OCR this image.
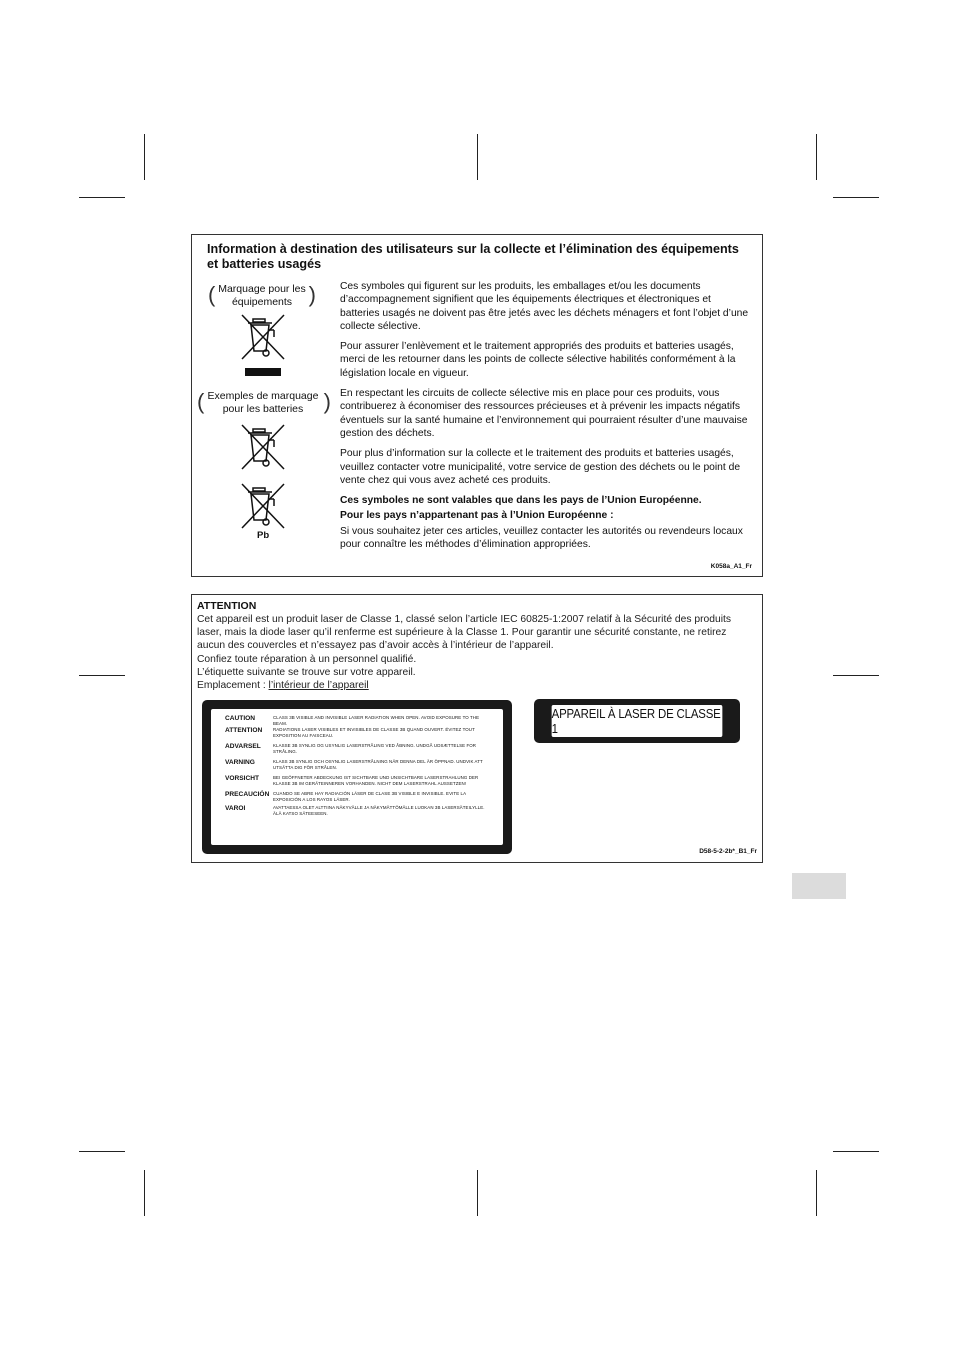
Information à destination des utilisateurs sur la collecte et l’élimination des équipements et batteries usagés
( Marquage pour les équipements )
( Exemples de marquage pour les batteries )
Pb

Ces symboles qui figurent sur les produits, les emballages et/ou les documents d’accompagnement signifient que les équipements électriques et électroniques et batteries usagés ne doivent pas être jetés avec les déchets ménagers et font l’objet d’une collecte sélective.

Pour assurer l’enlèvement et le traitement appropriés des produits et batteries usagés, merci de les retourner dans les points de collecte sélective habilités conformément à la législation locale en vigueur.

En respectant les circuits de collecte sélective mis en place pour ces produits, vous contribuerez à économiser des ressources précieuses et à prévenir les impacts négatifs éventuels sur la santé humaine et l’environnement qui pourraient résulter d’une mauvaise gestion des déchets.

Pour plus d’information sur la collecte et le traitement des produits et batteries usagés, veuillez contacter votre municipalité, votre service de gestion des déchets ou le point de vente chez qui vous avez acheté ces produits.

Ces symboles ne sont valables que dans les pays de l’Union Européenne.

Pour les pays n’appartenant pas à l’Union Européenne :

Si vous souhaitez jeter ces articles, veuillez contacter les autorités ou revendeurs locaux pour connaître les méthodes d’élimination appropriées.

K058a_A1_Fr
ATTENTION
Cet appareil est un produit laser de Classe 1, classé selon l’article IEC 60825-1:2007 relatif à la Sécurité des produits
laser, mais la diode laser qu’il renferme est supérieure à la Classe 1. Pour garantir une sécurité constante, ne retirez
aucun des couvercles et n’essayez pas d’avoir accès à l’intérieur de l’appareil.
Confiez toute réparation à un personnel qualifié.
L’étiquette suivante se trouve sur votre appareil.
Emplacement : l’intérieur de l’appareil
CAUTION	CLASS 3B VISIBLE AND INVISIBLE LASER RADIATION WHEN OPEN. AVOID EXPOSURE TO THE BEAM.
ATTENTION RADIATIONS LASER VISIBLES ET INVISIBLES DE CLASSE 3B QUAND OUVERT. ÉVITEZ TOUT EXPOSITION AU FAISCEAU.
ADVARSEL	KLASSE 3B SYNLIG OG USYNLIG LASERSTRÅLING VED ÅBNING. UNDGÅ UDSÆTTELSE FOR STRÅLING.
VARNING	KLASS 3B SYNLIG OCH OSYNLIG LASERSTRÅLNING NÄR DENNA DEL ÄR ÖPPNAD. UNDVIK ATT UTSÄTTA DIG FÖR STRÅLEN.
VORSICHT	BEI GEÖFFNETER ABDECKUNG IST SICHTBARE UND UNSICHTBARE LASERSTRAHLUNG DER KLASSE 3B IM GERÄTEINNEREN VORHANDEN. NICHT DEM LASERSTRAHL AUSSETZEN!
PRECAUCIÓN CUANDO SE ABRE HAY RADIACIÓN LÁSER DE CLASE 3B VISIBLE E INVISIBLE. EVITE LA EXPOSICIÓN A LOS RAYOS LÁSER.
VAROI	AVATTAESSA OLET ALTTIINA NÄKYVÄLLE JA NÄKYMÄTTÖMÄLLE LUOKAN 3B LASERSÄTEILYLLE. ÄLÄ KATSO SÄTEESEEN.
APPAREIL À LASER DE CLASSE 1
D58-5-2-2b*_B1_Fr
